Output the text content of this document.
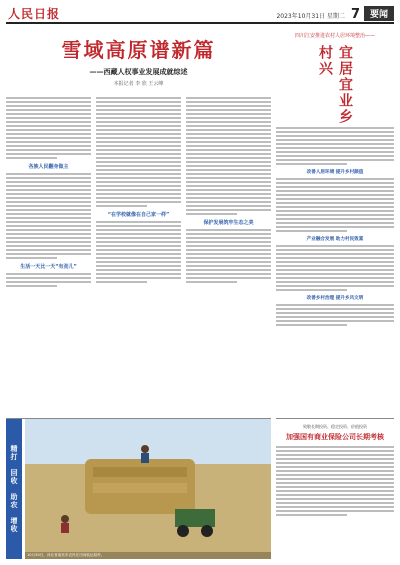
人民日报	2023年10月31日 星期二 7	要闻
雪域高原谱新篇
——西藏人权事业发展成就综述
本报记者 李 欣 王云峰
各族人民翻身做主
生活一天比一天“有劲儿”
“在学校就像在自己家一样”
保护发展筑牢生态之美
四川江安推进农村人居环境整治——
宜居宜业乡村兴
改善人居环境 提升乡村颜值
产业融合发展 助力村民致富
改善乡村治理 提升乡风文明
精打
回收
助农
增收
10月30日，河北省南宫市农民在田间装运秸秆。
致敬长期投资、稳定投资、价值投资
加强国有商业保险公司长期考核
